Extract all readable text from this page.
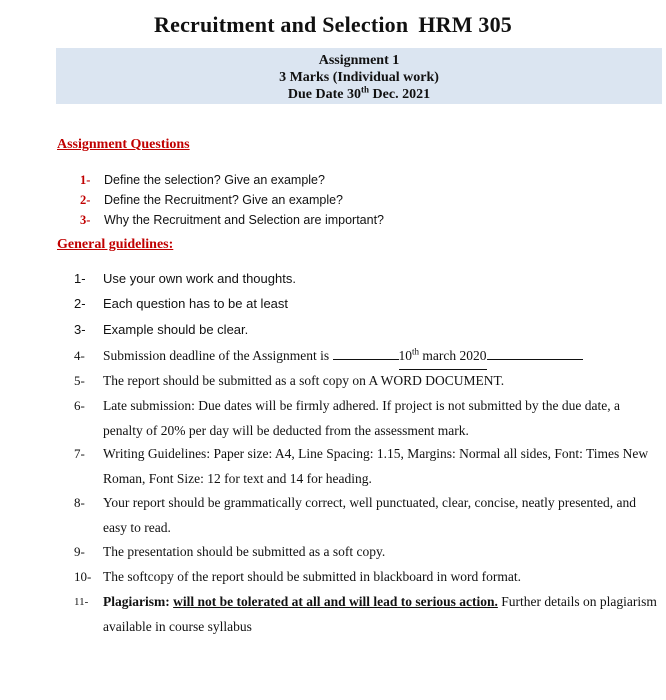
Recruitment and Selection HRM 305
Assignment 1
3 Marks (Individual work)
Due Date 30th Dec. 2021
Assignment Questions
1-	Define the selection? Give an example?
2-	Define the Recruitment? Give an example?
3-	Why the Recruitment and Selection are important?
General guidelines:
1-	Use your own work and thoughts.
2-	Each question has to be at least
3-	Example should be clear.
4-	Submission deadline of the Assignment is	10th march 2020
5-	The report should be submitted as a soft copy on A WORD DOCUMENT.
6-	Late submission: Due dates will be firmly adhered. If project is not submitted by the due date, a penalty of 20% per day will be deducted from the assessment mark.
7-	Writing Guidelines: Paper size: A4, Line Spacing: 1.15, Margins: Normal all sides, Font: Times New Roman, Font Size: 12 for text and 14 for heading.
8-	Your report should be grammatically correct, well punctuated, clear, concise, neatly presented, and easy to read.
9-	The presentation should be submitted as a soft copy.
10- The softcopy of the report should be submitted in blackboard in word format.
11-	Plagiarism: will not be tolerated at all and will lead to serious action. Further details on plagiarism available in course syllabus
